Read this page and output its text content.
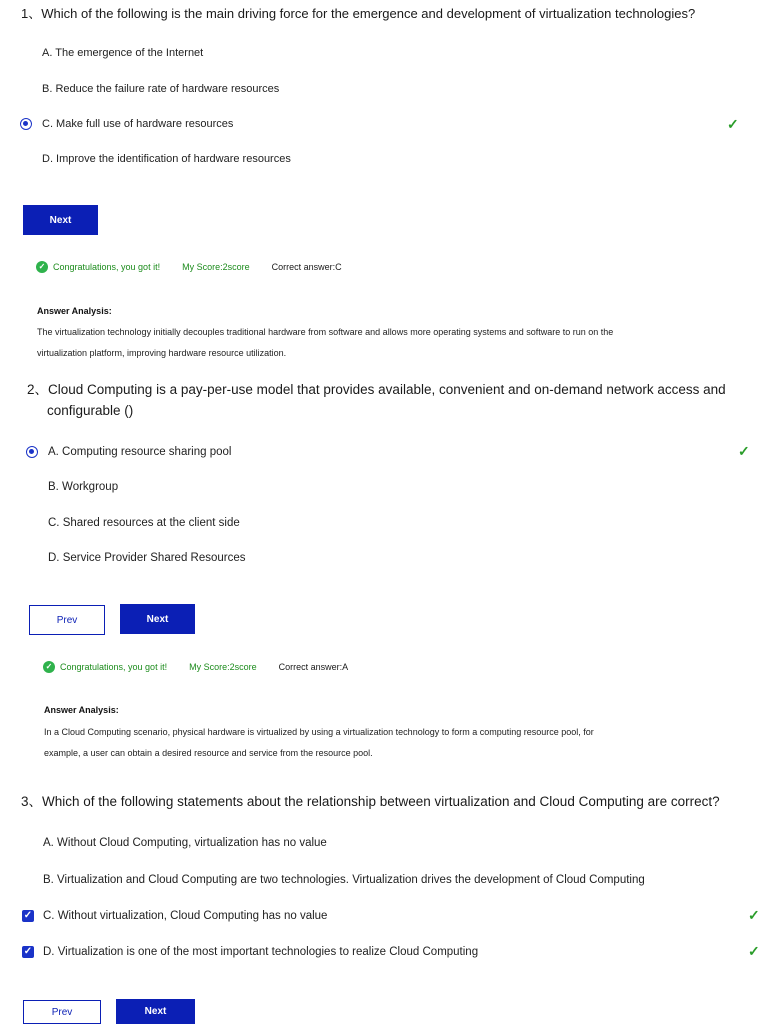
1、Which of the following is the main driving force for the emergence and development of virtualization technologies?
A. The emergence of the Internet
B. Reduce the failure rate of hardware resources
C. Make full use of hardware resources	✓
D. Improve the identification of hardware resources
Next
✓ Congratulations, you got it! My Score:2score Correct answer:C
Answer Analysis:
The virtualization technology initially decouples traditional hardware from software and allows more operating systems and software to run on the
virtualization platform, improving hardware resource utilization.
2、Cloud Computing is a pay-per-use model that provides available, convenient and on-demand network access and
configurable ()
A. Computing resource sharing pool	✓
B. Workgroup
C. Shared resources at the client side
D. Service Provider Shared Resources
Prev	Next
✓ Congratulations, you got it! My Score:2score Correct answer:A
Answer Analysis:
In a Cloud Computing scenario, physical hardware is virtualized by using a virtualization technology to form a computing resource pool, for
example, a user can obtain a desired resource and service from the resource pool.
3、Which of the following statements about the relationship between virtualization and Cloud Computing are correct?
A. Without Cloud Computing, virtualization has no value
B. Virtualization and Cloud Computing are two technologies. Virtualization drives the development of Cloud Computing
✓ C. Without virtualization, Cloud Computing has no value	✓
✓ D. Virtualization is one of the most important technologies to realize Cloud Computing	✓
Prev	Next
